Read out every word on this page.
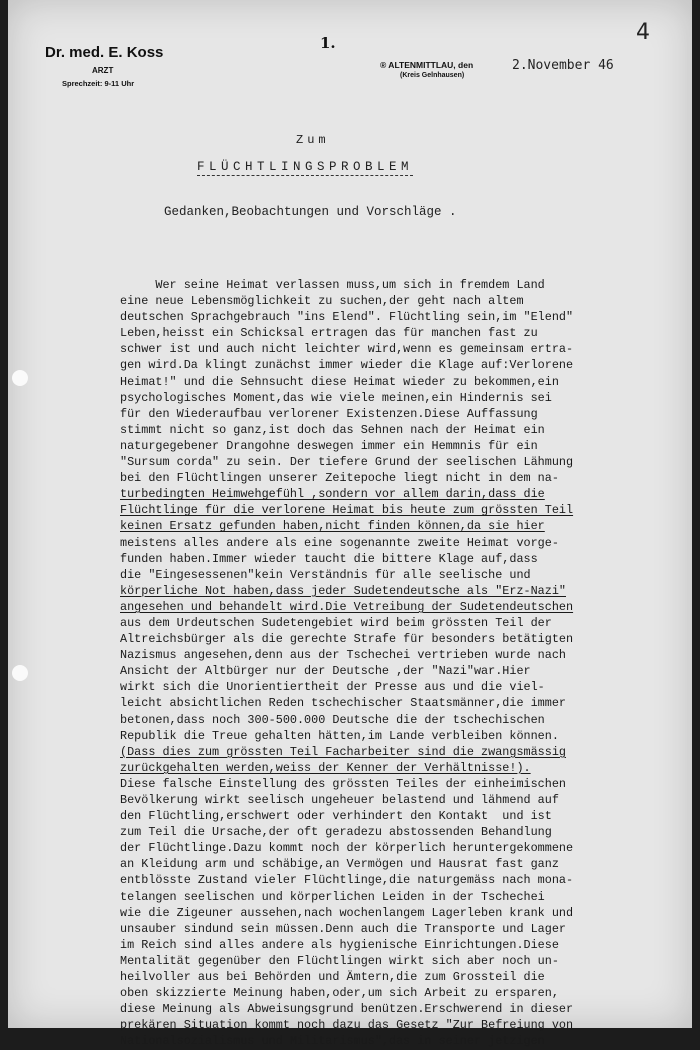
Dr. med. E. Koss
ARZT
Sprechzeit: 9-11 Uhr
1.	4
® ALTENMITTLAU, den
(Kreis Gelnhausen)
2.November 46
Zum
FLÜCHTLINGSPROBLEM
Gedanken,Beobachtungen und Vorschläge .
Wer seine Heimat verlassen muss,um sich in fremdem Land
eine neue Lebensmöglichkeit zu suchen,der geht nach altem
deutschen Sprachgebrauch "ins Elend". Flüchtling sein,im "Elend"
Leben,heisst ein Schicksal ertragen das für manchen fast zu
schwer ist und auch nicht leichter wird,wenn es gemeinsam ertra-
gen wird.Da klingt zunächst immer wieder die Klage auf:Verlorene
Heimat!" und die Sehnsucht diese Heimat wieder zu bekommen,ein
psychologisches Moment,das wie viele meinen,ein Hindernis sei
für den Wiederaufbau verlorener Existenzen.Diese Auffassung
stimmt nicht so ganz,ist doch das Sehnen nach der Heimat ein
naturgegebener Drangohne deswegen immer ein Hemmnis für ein
"Sursum corda" zu sein. Der tiefere Grund der seelischen Lähmung
bei den Flüchtlingen unserer Zeitepoche liegt nicht in dem na-
turbedingten Heimwehgefühl ,sondern vor allem darin,dass die
Flüchtlinge für die verlorene Heimat bis heute zum grössten Teil
keinen Ersatz gefunden haben,nicht finden können,da sie hier
meistens alles andere als eine sogenannte zweite Heimat vorge-
funden haben.Immer wieder taucht die bittere Klage auf,dass
die "Eingesessenen"kein Verständnis für alle seelische und
körperliche Not haben,dass jeder Sudetendeutsche als "Erz-Nazi"
angesehen und behandelt wird.Die Vetreibung der Sudetendeutschen
aus dem Urdeutschen Sudetengebiet wird beim grössten Teil der
Altreichsbürger als die gerechte Strafe für besonders betätigten
Nazismus angesehen,denn aus der Tschechei vertrieben wurde nach
Ansicht der Altbürger nur der Deutsche ,der "Nazi"war.Hier
wirkt sich die Unorientiertheit der Presse aus und die viel-
leicht absichtlichen Reden tschechischer Staatsmänner,die immer
betonen,dass noch 300-500.000 Deutsche die der tschechischen
Republik die Treue gehalten hätten,im Lande verbleiben können.
(Dass dies zum grössten Teil Facharbeiter sind die zwangsmässig
zurückgehalten werden,weiss der Kenner der Verhältnisse!).
Diese falsche Einstellung des grössten Teiles der einheimischen
Bevölkerung wirkt seelisch ungeheuer belastend und lähmend auf
den Flüchtling,erschwert oder verhindert den Kontakt  und ist
zum Teil die Ursache,der oft geradezu abstossenden Behandlung
der Flüchtlinge.Dazu kommt noch der körperlich heruntergekommene
an Kleidung arm und schäbige,an Vermögen und Hausrat fast ganz
entblösste Zustand vieler Flüchtlinge,die naturgemäss nach mona-
telangen seelischen und körperlichen Leiden in der Tschechei
wie die Zigeuner aussehen,nach wochenlangem Lagerleben krank und
unsauber sindund sein müssen.Denn auch die Transporte und Lager
im Reich sind alles andere als hygienische Einrichtungen.Diese
Mentalität gegenüber den Flüchtlingen wirkt sich aber noch un-
heilvoller aus bei Behörden und Ämtern,die zum Grossteil die
oben skizzierte Meinung haben,oder,um sich Arbeit zu ersparen,
diese Meinung als Abweisungsgrund benützen.Erschwerend in dieser
prekären Situation kommt noch dazu das Gesetz "Zur Befreiung von
Nationalsozialismus und Militarismus",das in seiner jetzigen
